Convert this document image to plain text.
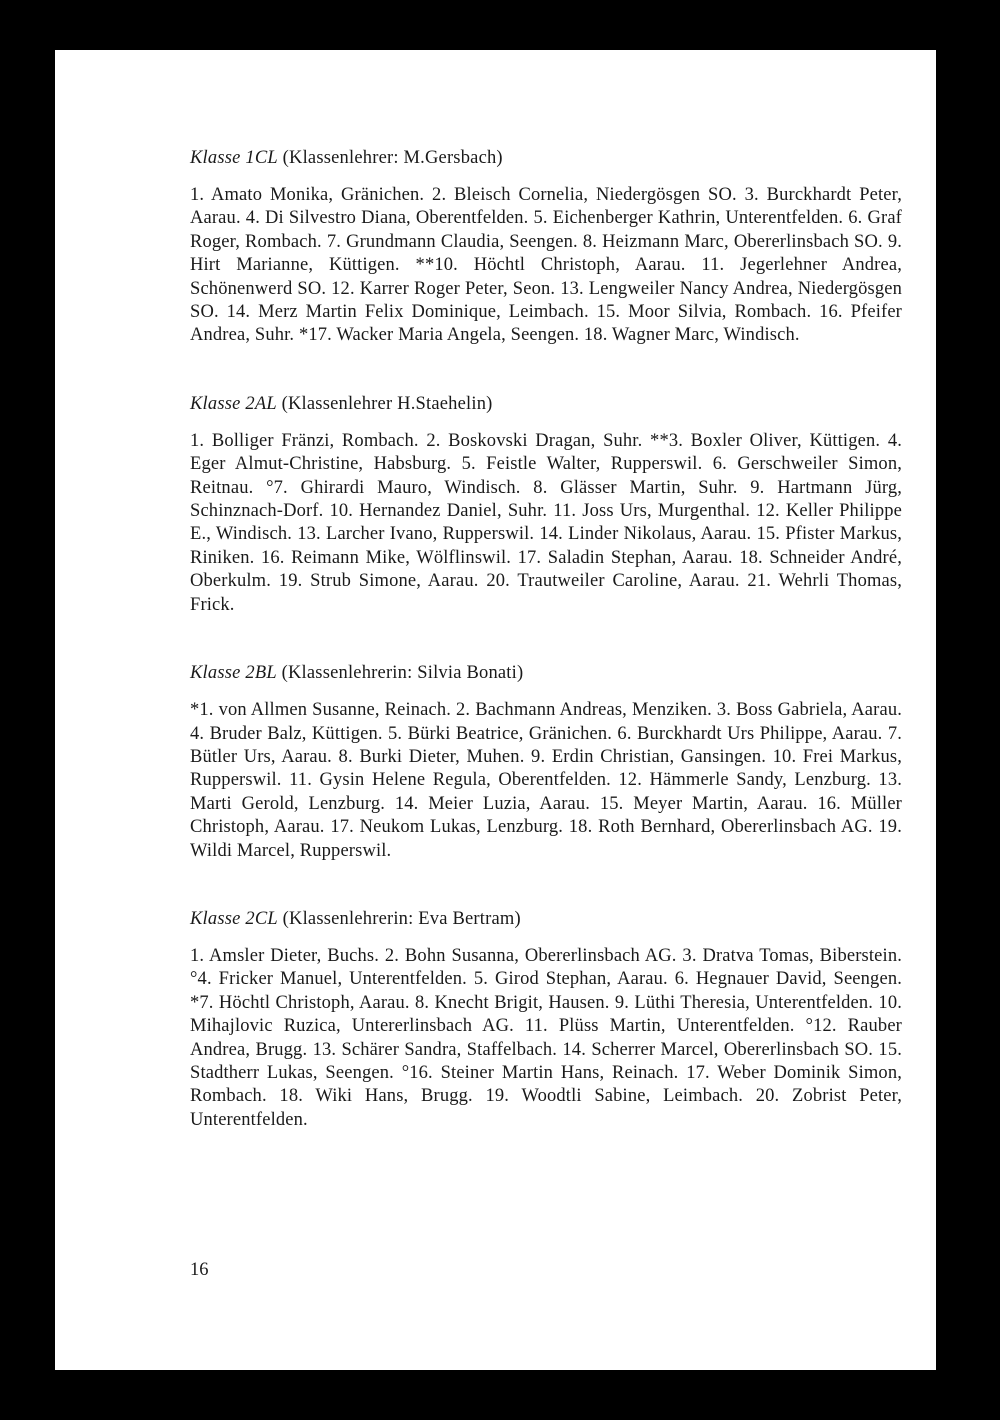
Klasse 1CL (Klassenlehrer: M.Gersbach)

1. Amato Monika, Gränichen. 2. Bleisch Cornelia, Niedergösgen SO. 3. Burckhardt Peter, Aarau. 4. Di Silvestro Diana, Oberentfelden. 5. Eichenberger Kathrin, Unterentfelden. 6. Graf Roger, Rombach. 7. Grundmann Claudia, Seengen. 8. Heizmann Marc, Obererlinsbach SO. 9. Hirt Marianne, Küttigen. **10. Höchtl Christoph, Aarau. 11. Jegerlehner Andrea, Schönenwerd SO. 12. Karrer Roger Peter, Seon. 13. Lengweiler Nancy Andrea, Niedergösgen SO. 14. Merz Martin Felix Dominique, Leimbach. 15. Moor Silvia, Rombach. 16. Pfeifer Andrea, Suhr. *17. Wacker Maria Angela, Seengen. 18. Wagner Marc, Windisch.

Klasse 2AL (Klassenlehrer H.Staehelin)

1. Bolliger Fränzi, Rombach. 2. Boskovski Dragan, Suhr. **3. Boxler Oliver, Küttigen. 4. Eger Almut-Christine, Habsburg. 5. Feistle Walter, Rupperswil. 6. Gerschweiler Simon, Reitnau. °7. Ghirardi Mauro, Windisch. 8. Glässer Martin, Suhr. 9. Hartmann Jürg, Schinznach-Dorf. 10. Hernandez Daniel, Suhr. 11. Joss Urs, Murgenthal. 12. Keller Philippe E., Windisch. 13. Larcher Ivano, Rupperswil. 14. Linder Nikolaus, Aarau. 15. Pfister Markus, Riniken. 16. Reimann Mike, Wölflinswil. 17. Saladin Stephan, Aarau. 18. Schneider André, Oberkulm. 19. Strub Simone, Aarau. 20. Trautweiler Caroline, Aarau. 21. Wehrli Thomas, Frick.

Klasse 2BL (Klassenlehrerin: Silvia Bonati)

*1. von Allmen Susanne, Reinach. 2. Bachmann Andreas, Menziken. 3. Boss Gabriela, Aarau. 4. Bruder Balz, Küttigen. 5. Bürki Beatrice, Gränichen. 6. Burckhardt Urs Philippe, Aarau. 7. Bütler Urs, Aarau. 8. Burki Dieter, Muhen. 9. Erdin Christian, Gansingen. 10. Frei Markus, Rupperswil. 11. Gysin Helene Regula, Oberentfelden. 12. Hämmerle Sandy, Lenzburg. 13. Marti Gerold, Lenzburg. 14. Meier Luzia, Aarau. 15. Meyer Martin, Aarau. 16. Müller Christoph, Aarau. 17. Neukom Lukas, Lenzburg. 18. Roth Bernhard, Obererlinsbach AG. 19. Wildi Marcel, Rupperswil.

Klasse 2CL (Klassenlehrerin: Eva Bertram)

1. Amsler Dieter, Buchs. 2. Bohn Susanna, Obererlinsbach AG. 3. Dratva Tomas, Biberstein. °4. Fricker Manuel, Unterentfelden. 5. Girod Stephan, Aarau. 6. Hegnauer David, Seengen. *7. Höchtl Christoph, Aarau. 8. Knecht Brigit, Hausen. 9. Lüthi Theresia, Unterentfelden. 10. Mihajlovic Ruzica, Untererlinsbach AG. 11. Plüss Martin, Unterentfelden. °12. Rauber Andrea, Brugg. 13. Schärer Sandra, Staffelbach. 14. Scherrer Marcel, Obererlinsbach SO. 15. Stadtherr Lukas, Seengen. °16. Steiner Martin Hans, Reinach. 17. Weber Dominik Simon, Rombach. 18. Wiki Hans, Brugg. 19. Woodtli Sabine, Leimbach. 20. Zobrist Peter, Unterentfelden.

16
